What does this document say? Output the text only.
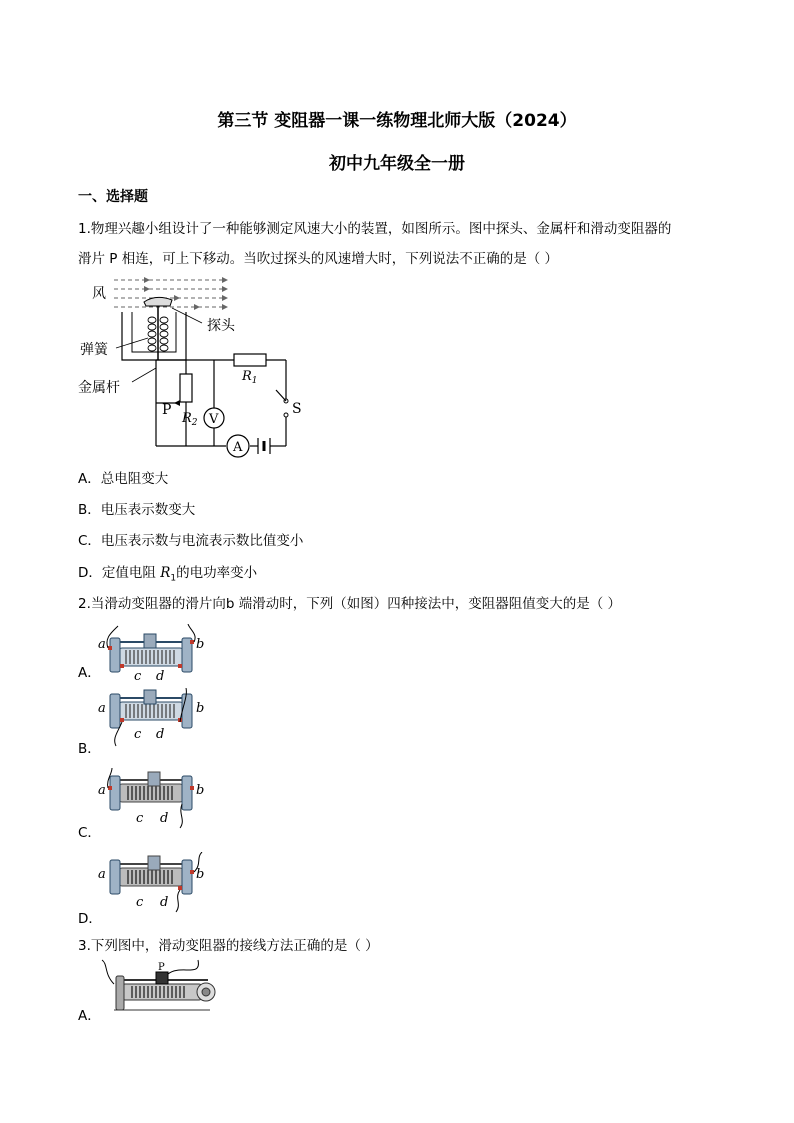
第三节 变阻器一课一练物理北师大版（2024）
初中九年级全一册
一、选择题
1.物理兴趣小组设计了一种能够测定风速大小的装置，如图所示。图中探头、金属杆和滑动变阻器的
滑片 P 相连，可上下移动。当吹过探头的风速增大时，下列说法不正确的是（ ）
风
探头
弹簧
金属杆
$R_1$
P
$R_2$ V
A
S
A．总电阻变大
B．电压表示数变大
C．电压表示数与电流表示数比值变小
D．定值电阻 $R_1$的电功率变小
2.当滑动变阻器的滑片向b 端滑动时，下列（如图）四种接法中，变阻器阻值变大的是（ ）
A．
a	b
c d
B．
a	b
c d
C．
a	b
c d
D．
a	b
c d
3.下列图中，滑动变阻器的接线方法正确的是（ ）
A．
P
